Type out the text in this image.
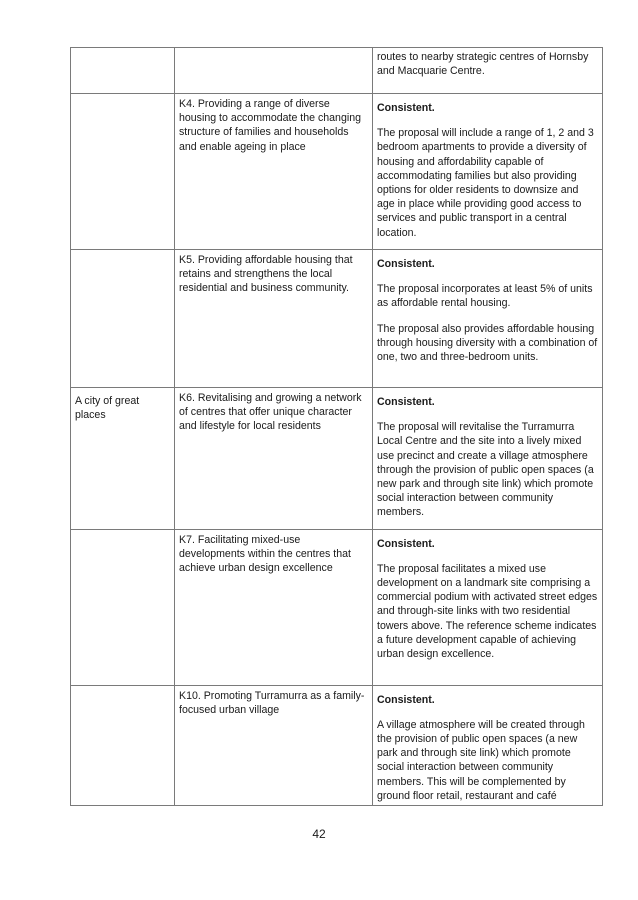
		routes to nearby strategic centres of Hornsby and Macquarie Centre.

	K4. Providing a range of diverse housing to accommodate the changing structure of families and households and enable ageing in place	Consistent.

The proposal will include a range of 1, 2 and 3 bedroom apartments to provide a diversity of housing and affordability capable of accommodating families but also providing options for older residents to downsize and age in place while providing good access to services and public transport in a central location.

	K5. Providing affordable housing that retains and strengthens the local residential and business community.	Consistent.

The proposal incorporates at least 5% of units as affordable rental housing.

The proposal also provides affordable housing through housing diversity with a combination of one, two and three-bedroom units.

A city of great places	K6. Revitalising and growing a network of centres that offer unique character and lifestyle for local residents	Consistent.

The proposal will revitalise the Turramurra Local Centre and the site into a lively mixed use precinct and create a village atmosphere through the provision of public open spaces (a new park and through site link) which promote social interaction between community members.

	K7. Facilitating mixed-use developments within the centres that achieve urban design excellence	Consistent.

The proposal facilitates a mixed use development on a landmark site comprising a commercial podium with activated street edges and through-site links with two residential towers above. The reference scheme indicates a future development capable of achieving urban design excellence.

	K10. Promoting Turramurra as a family-focused urban village	Consistent.

A village atmosphere will be created through the provision of public open spaces (a new park and through site link) which promote social interaction between community members. This will be complemented by ground floor retail, restaurant and café

42
